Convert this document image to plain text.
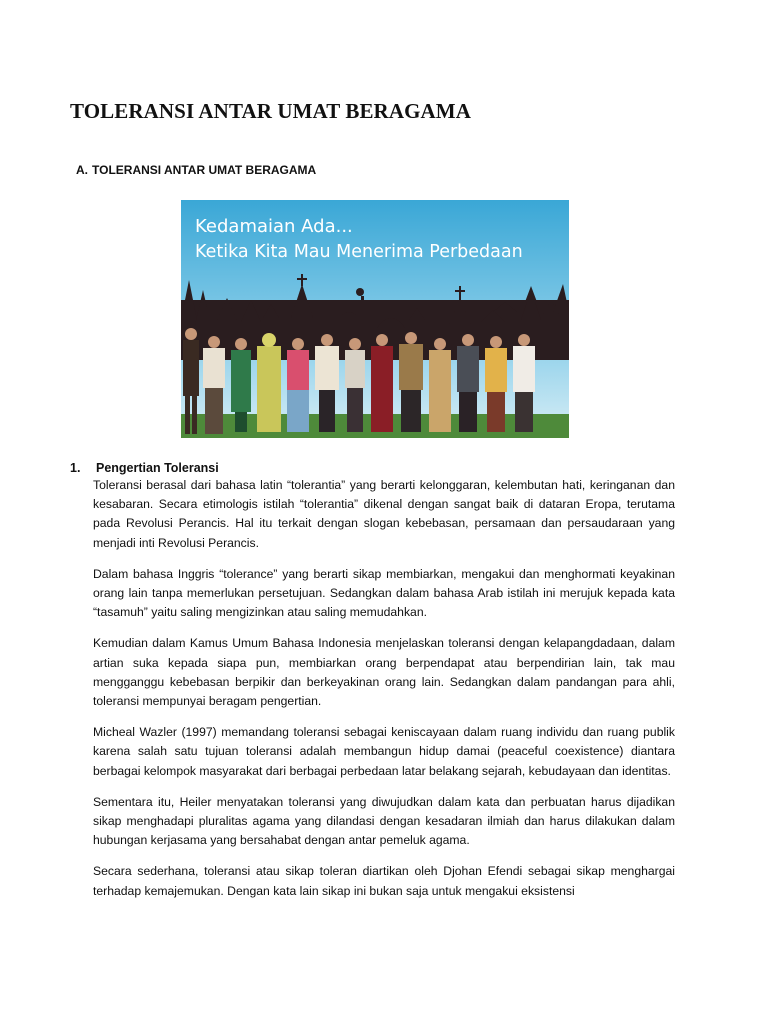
TOLERANSI ANTAR UMAT BERAGAMA
A. TOLERANSI ANTAR UMAT BERAGAMA
Kedamaian Ada...
Ketika Kita Mau Menerima Perbedaan
1. Pengertian Toleransi

Toleransi berasal dari bahasa latin “tolerantia” yang berarti kelonggaran, kelembutan hati, keringanan dan kesabaran. Secara etimologis istilah “tolerantia” dikenal dengan sangat baik di dataran Eropa, terutama pada Revolusi Perancis. Hal itu terkait dengan slogan kebebasan, persamaan dan persaudaraan yang menjadi inti Revolusi Perancis.

Dalam bahasa Inggris “tolerance” yang berarti sikap membiarkan, mengakui dan menghormati keyakinan orang lain tanpa memerlukan persetujuan. Sedangkan dalam bahasa Arab istilah ini merujuk kepada kata “tasamuh” yaitu saling mengizinkan atau saling memudahkan.

Kemudian dalam Kamus Umum Bahasa Indonesia menjelaskan toleransi dengan kelapangdadaan, dalam artian suka kepada siapa pun, membiarkan orang berpendapat atau berpendirian lain, tak mau mengganggu kebebasan berpikir dan berkeyakinan orang lain. Sedangkan dalam pandangan para ahli, toleransi mempunyai beragam pengertian.

Micheal Wazler (1997) memandang toleransi sebagai keniscayaan dalam ruang individu dan ruang publik karena salah satu tujuan toleransi adalah membangun hidup damai (peaceful coexistence) diantara berbagai kelompok masyarakat dari berbagai perbedaan latar belakang sejarah, kebudayaan dan identitas.

Sementara itu, Heiler menyatakan toleransi yang diwujudkan dalam kata dan perbuatan harus dijadikan sikap menghadapi pluralitas agama yang dilandasi dengan kesadaran ilmiah dan harus dilakukan dalam hubungan kerjasama yang bersahabat dengan antar pemeluk agama.

Secara sederhana, toleransi atau sikap toleran diartikan oleh Djohan Efendi sebagai sikap menghargai terhadap kemajemukan. Dengan kata lain sikap ini bukan saja untuk mengakui eksistensi
